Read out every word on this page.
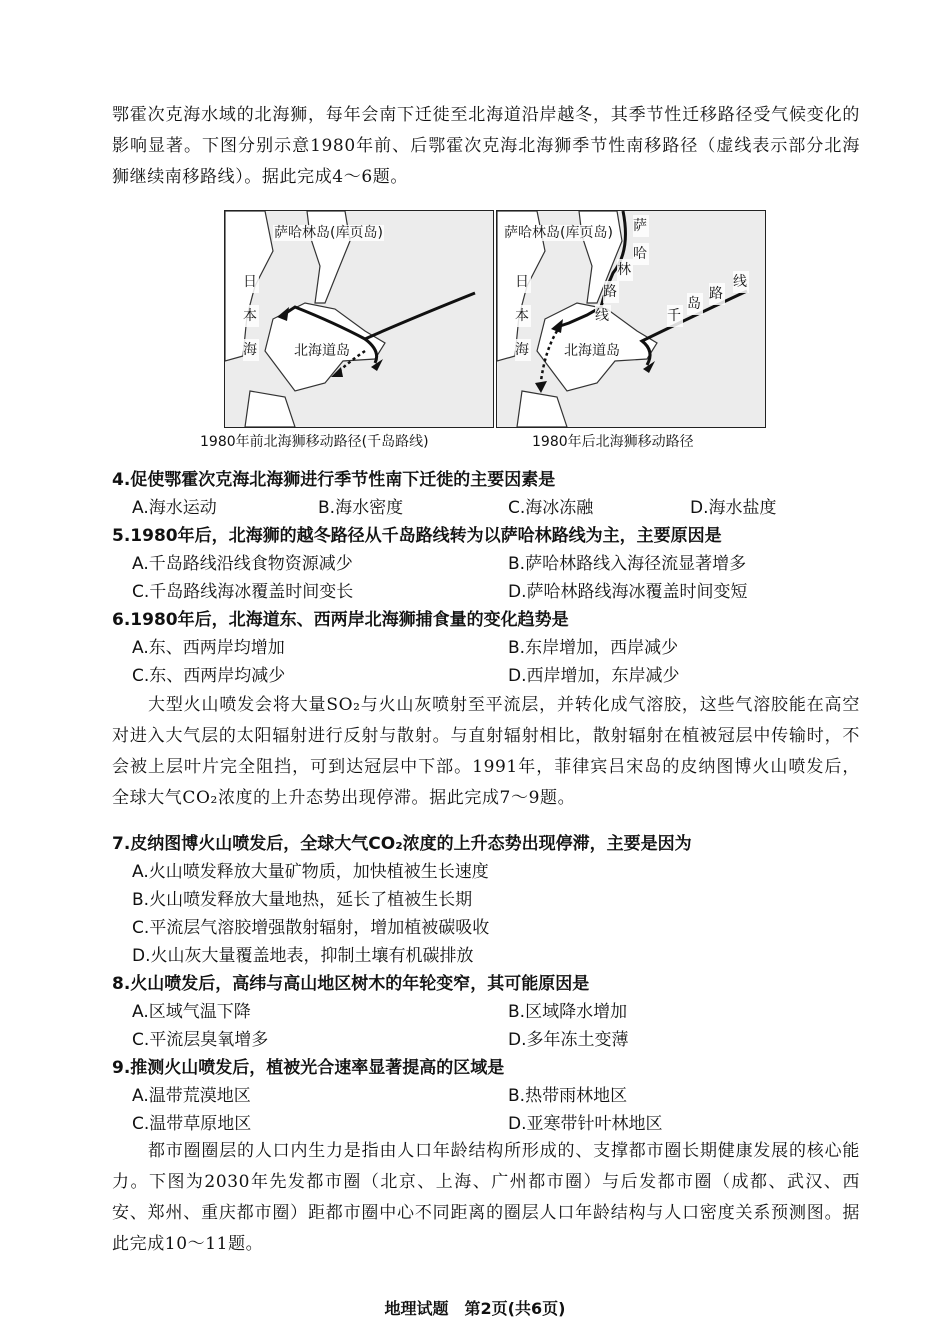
鄂霍次克海水域的北海狮，每年会南下迁徙至北海道沿岸越冬，其季节性迁移路径受气候变化的影响显著。下图分别示意1980年前、后鄂霍次克海北海狮季节性南移路径（虚线表示部分北海狮继续南移路线）。据此完成4～6题。
萨哈林岛(库页岛)
日
本
海	北海道岛
1980年前北海狮移动路径(千岛路线)
萨哈林岛(库页岛)
日
本
海
萨
哈
林
路
线	千
岛
路
线
北海道岛
1980年后北海狮移动路径
4.促使鄂霍次克海北海狮进行季节性南下迁徙的主要因素是
A.海水运动	B.海水密度	C.海冰冻融	D.海水盐度
5.1980年后，北海狮的越冬路径从千岛路线转为以萨哈林路线为主，主要原因是
A.千岛路线沿线食物资源减少	B.萨哈林路线入海径流显著增多
C.千岛路线海冰覆盖时间变长	D.萨哈林路线海冰覆盖时间变短
6.1980年后，北海道东、西两岸北海狮捕食量的变化趋势是
A.东、西两岸均增加	B.东岸增加，西岸减少
C.东、西两岸均减少	D.西岸增加，东岸减少
大型火山喷发会将大量SO₂与火山灰喷射至平流层，并转化成气溶胶，这些气溶胶能在高空对进入大气层的太阳辐射进行反射与散射。与直射辐射相比，散射辐射在植被冠层中传输时，不会被上层叶片完全阻挡，可到达冠层中下部。1991年，菲律宾吕宋岛的皮纳图博火山喷发后，全球大气CO₂浓度的上升态势出现停滞。据此完成7～9题。
7.皮纳图博火山喷发后，全球大气CO₂浓度的上升态势出现停滞，主要是因为
A.火山喷发释放大量矿物质，加快植被生长速度
B.火山喷发释放大量地热，延长了植被生长期
C.平流层气溶胶增强散射辐射，增加植被碳吸收
D.火山灰大量覆盖地表，抑制土壤有机碳排放
8.火山喷发后，高纬与高山地区树木的年轮变窄，其可能原因是
A.区域气温下降	B.区域降水增加
C.平流层臭氧增多	D.多年冻土变薄
9.推测火山喷发后，植被光合速率显著提高的区域是
A.温带荒漠地区	B.热带雨林地区
C.温带草原地区	D.亚寒带针叶林地区
都市圈圈层的人口内生力是指由人口年龄结构所形成的、支撑都市圈长期健康发展的核心能力。下图为2030年先发都市圈（北京、上海、广州都市圈）与后发都市圈（成都、武汉、西安、郑州、重庆都市圈）距都市圈中心不同距离的圈层人口年龄结构与人口密度关系预测图。据此完成10～11题。
地理试题　第2页(共6页)
